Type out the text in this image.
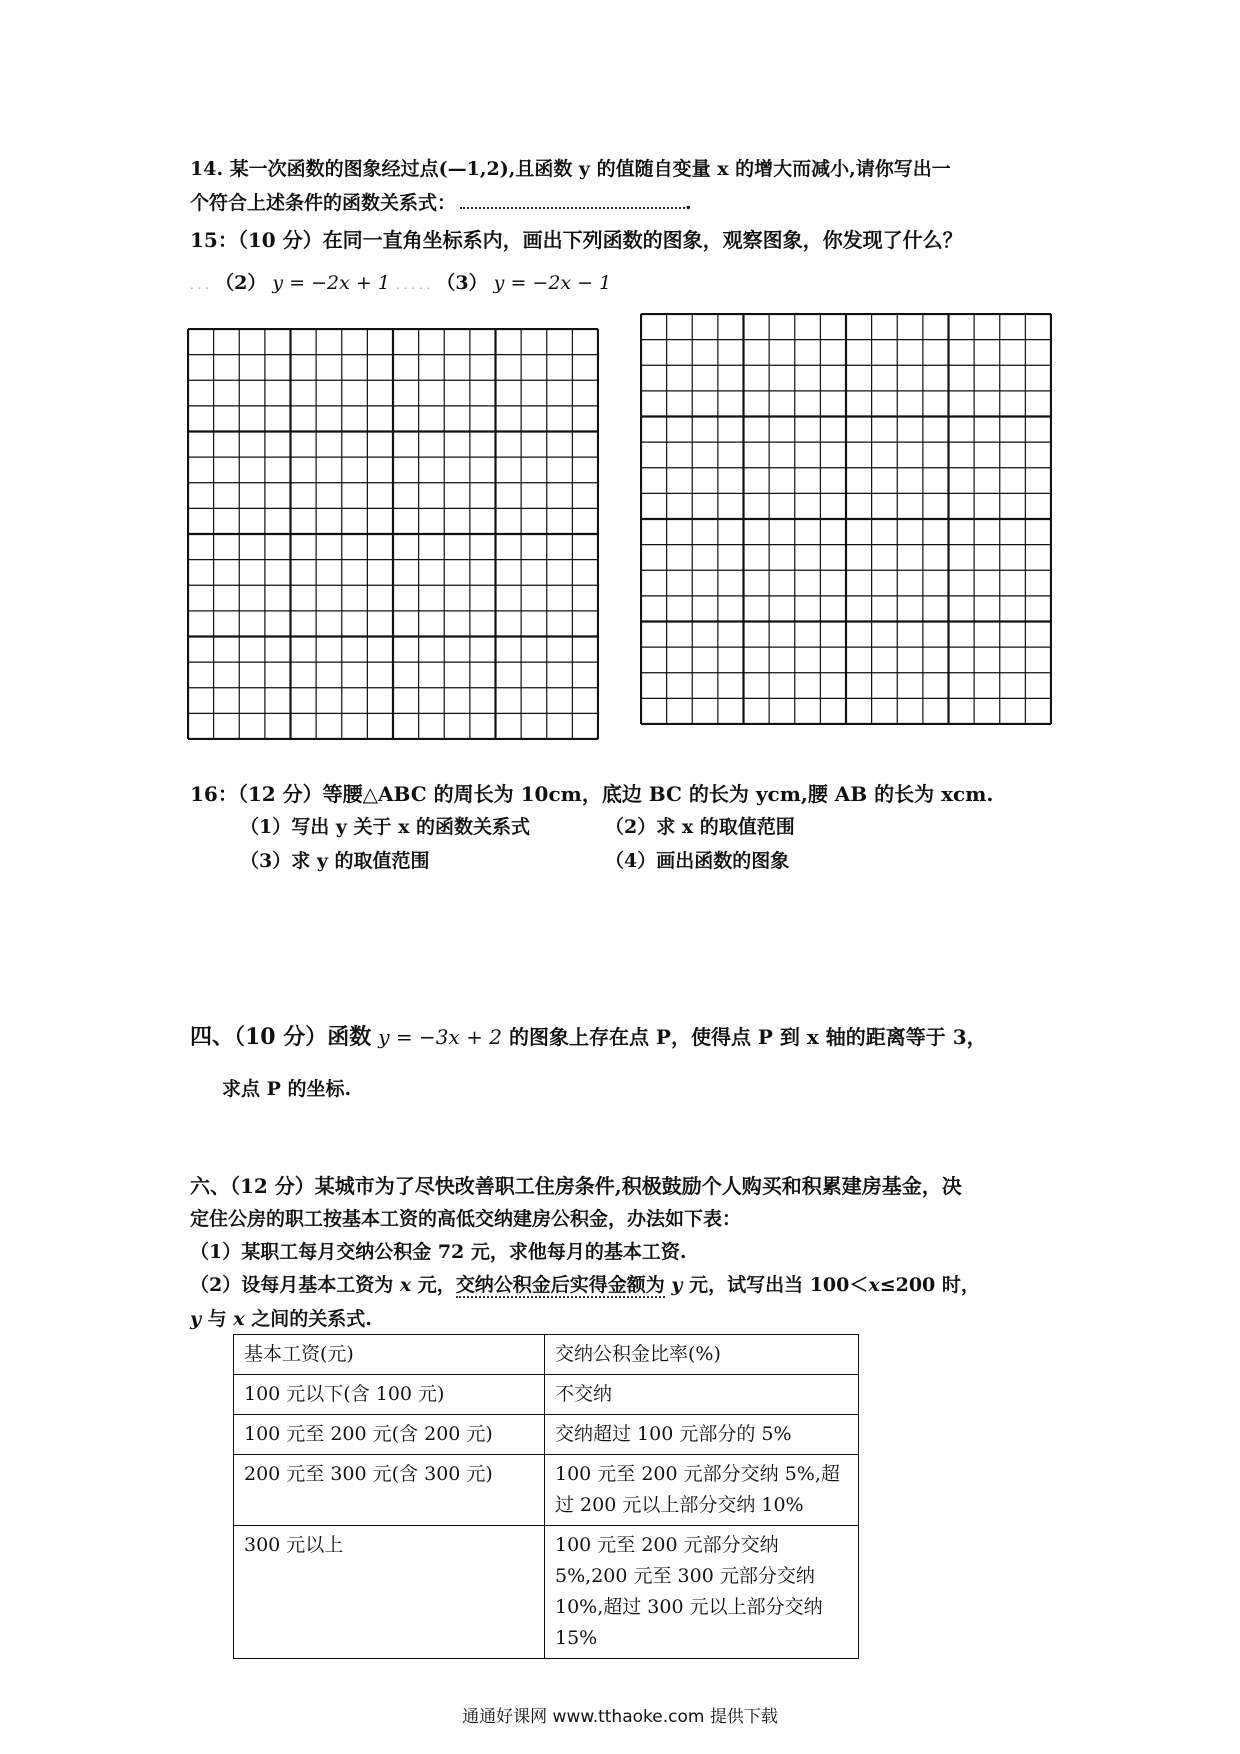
14. 某一次函数的图象经过点(—1,2),且函数 y 的值随自变量 x 的增大而减小,请你写出一
个符合上述条件的函数关系式：	.
15：（10 分）在同一直角坐标系内，画出下列函数的图象，观察图象，你发现了什么？
. . . （2） y = −2x + 1 . . . . . （3） y = −2x − 1
16：（12 分）等腰△ABC 的周长为 10cm，底边 BC 的长为 ycm,腰 AB 的长为 xcm.
（1）写出 y 关于 x 的函数关系式	（2）求 x 的取值范围
（3）求 y 的取值范围	（4）画出函数的图象
四、（10 分）函数 y = −3x + 2 的图象上存在点 P，使得点 P 到 x 轴的距离等于 3，
求点 P 的坐标.
六、（12 分）某城市为了尽快改善职工住房条件,积极鼓励个人购买和积累建房基金，决
定住公房的职工按基本工资的高低交纳建房公积金，办法如下表：
（1）某职工每月交纳公积金 72 元，求他每月的基本工资.
（2）设每月基本工资为 x 元，交纳公积金后实得金额为 y 元，试写出当 100＜x≤200 时，
y 与 x 之间的关系式.
基本工资(元)	交纳公积金比率(%)
100 元以下(含 100 元)	不交纳
100 元至 200 元(含 200 元)	交纳超过 100 元部分的 5%
200 元至 300 元(含 300 元)	100 元至 200 元部分交纳 5%,超过 200 元以上部分交纳 10%
300 元以上	100 元至 200 元部分交纳 5%,200 元至 300 元部分交纳 10%,超过 300 元以上部分交纳 15%
通通好课网 www.tthaoke.com 提供下载
